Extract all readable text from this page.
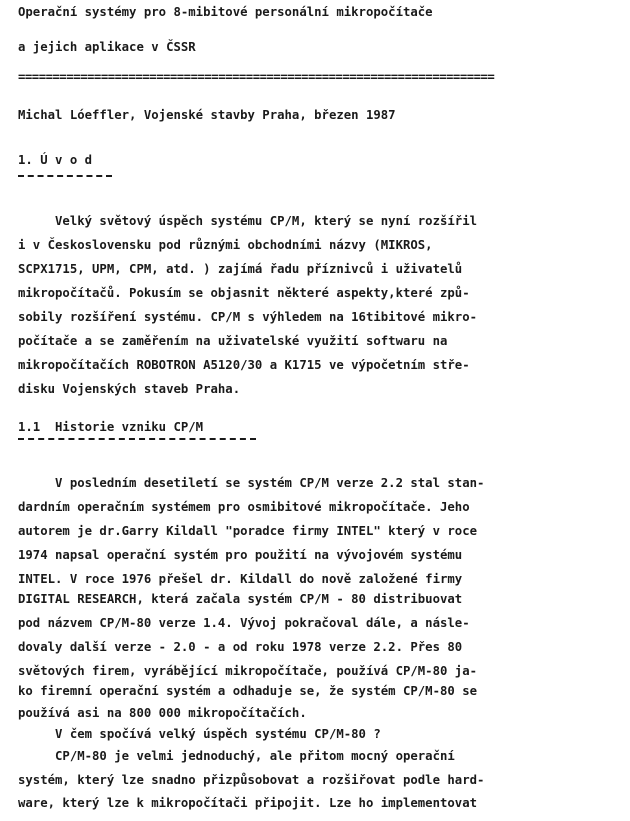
Operační systémy pro 8-mibitové personální mikropočítače
a jejich aplikace v ČSSR
=====================================================================
Michal Lóeffler, Vojenské stavby Praha, březen 1987
1. Ú v o d
Velký světový úspěch systému CP/M, který se nyní rozšířil
i v Československu pod různými obchodními názvy (MIKROS,
SCPX1715, UPM, CPM, atd. ) zajímá řadu příznivců i uživatelů
mikropočítačů. Pokusím se objasnit některé aspekty,které způ-
sobily rozšíření systému. CP/M s výhledem na 16tibitové mikro-
počítače a se zaměřením na uživatelské využití softwaru na
mikropočítačích ROBOTRON A5120/30 a K1715 ve výpočetním stře-
disku Vojenských staveb Praha.
1.1  Historie vzniku CP/M
V posledním desetiletí se systém CP/M verze 2.2 stal stan-
dardním operačním systémem pro osmibitové mikropočítače. Jeho
autorem je dr.Garry Kildall "poradce firmy INTEL" který v roce
1974 napsal operační systém pro použití na vývojovém systému
INTEL. V roce 1976 přešel dr. Kildall do nově založené firmy
DIGITAL RESEARCH, která začala systém CP/M - 80 distribuovat
pod názvem CP/M-80 verze 1.4. Vývoj pokračoval dále, a násle-
dovaly další verze - 2.0 - a od roku 1978 verze 2.2. Přes 80
světových firem, vyrábějící mikropočítače, používá CP/M-80 ja-
ko firemní operační systém a odhaduje se, že systém CP/M-80 se
používá asi na 800 000 mikropočítačích.
V čem spočívá velký úspěch systému CP/M-80 ?
CP/M-80 je velmi jednoduchý, ale přitom mocný operační
systém, který lze snadno přizpůsobovat a rozšiřovat podle hard-
ware, který lze k mikropočítači připojit. Lze ho implementovat
